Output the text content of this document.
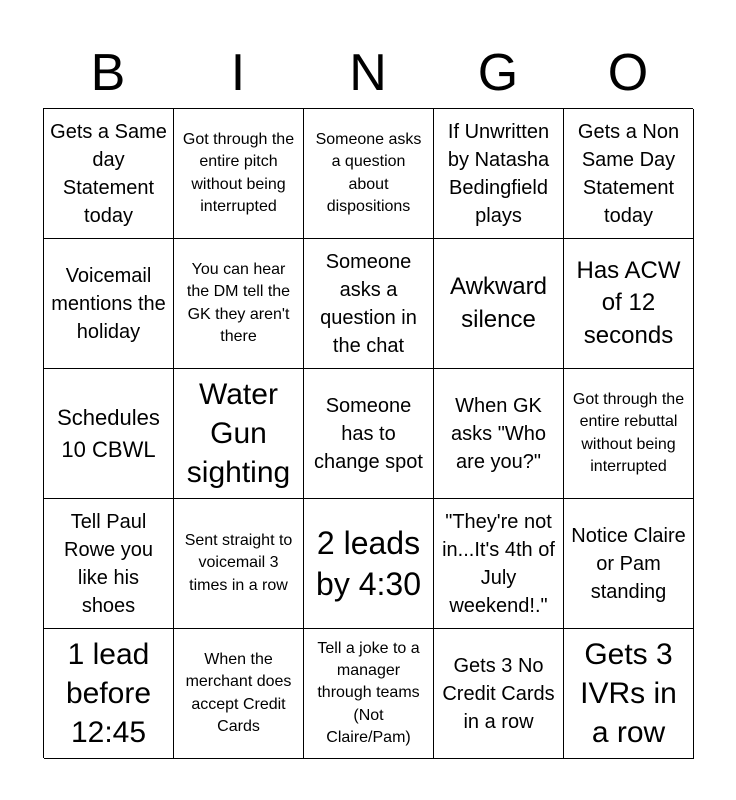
B	I	N	G	O
Gets a Same day Statement today
Got through the entire pitch without being interrupted
Someone asks a question about dispositions
If Unwritten by Natasha Bedingfield plays
Gets a Non Same Day Statement today
Voicemail mentions the holiday
You can hear the DM tell the GK they aren't there
Someone asks a question in the chat
Awkward silence
Has ACW of 12 seconds
Schedules 10 CBWL
Water Gun sighting
Someone has to change spot
When GK asks "Who are you?"
Got through the entire rebuttal without being interrupted
Tell Paul Rowe you like his shoes
Sent straight to voicemail 3 times in a row
2 leads by 4:30
"They're not in...It's 4th of July weekend!."
Notice Claire or Pam standing
1 lead before 12:45
When the merchant does accept Credit Cards
Tell a joke to a manager through teams (Not Claire/Pam)
Gets 3 No Credit Cards in a row
Gets 3 IVRs in a row
